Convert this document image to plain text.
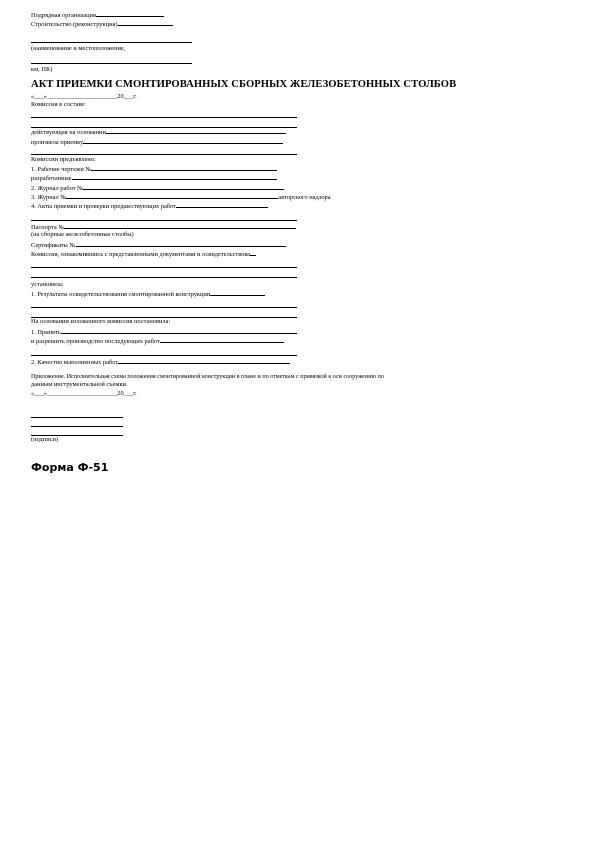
Подрядная организация
Строительство (реконструкция)
(наименование и местоположение,
км, ПК)
АКТ ПРИЕМКИ СМОНТИРОВАННЫХ СБОРНЫХ ЖЕЛЕЗОБЕТОННЫХ СТОЛБОВ
«___»______________________20___г.
Комиссия в составе:
действующая на основании
произвела приемку
Комиссии предъявлено:
1. Рабочие чертежи №
разработанные
2. Журнал работ №
3. Журнал №	авторского надзора
4. Акты приемки и проверки предшествующих работ
Паспорта №
(на сборные железобетонные столбы)
Сертификаты №
Комиссия, ознакомившись с представленными документами и освидетельствова
установила:
1. Результаты освидетельствования смонтированной конструкции
На основании изложенного комиссия постановила:
1. Принять
и разрешить производство последующих работ
2. Качество выполненных работ
Приложение. Исполнительная схема положения смонтированной конструкции в плане и по отметкам с привязкой к оси сооружению по
данным инструментальной съемки.
«___»______________________20___г.
(подписи)
Форма Ф-51
